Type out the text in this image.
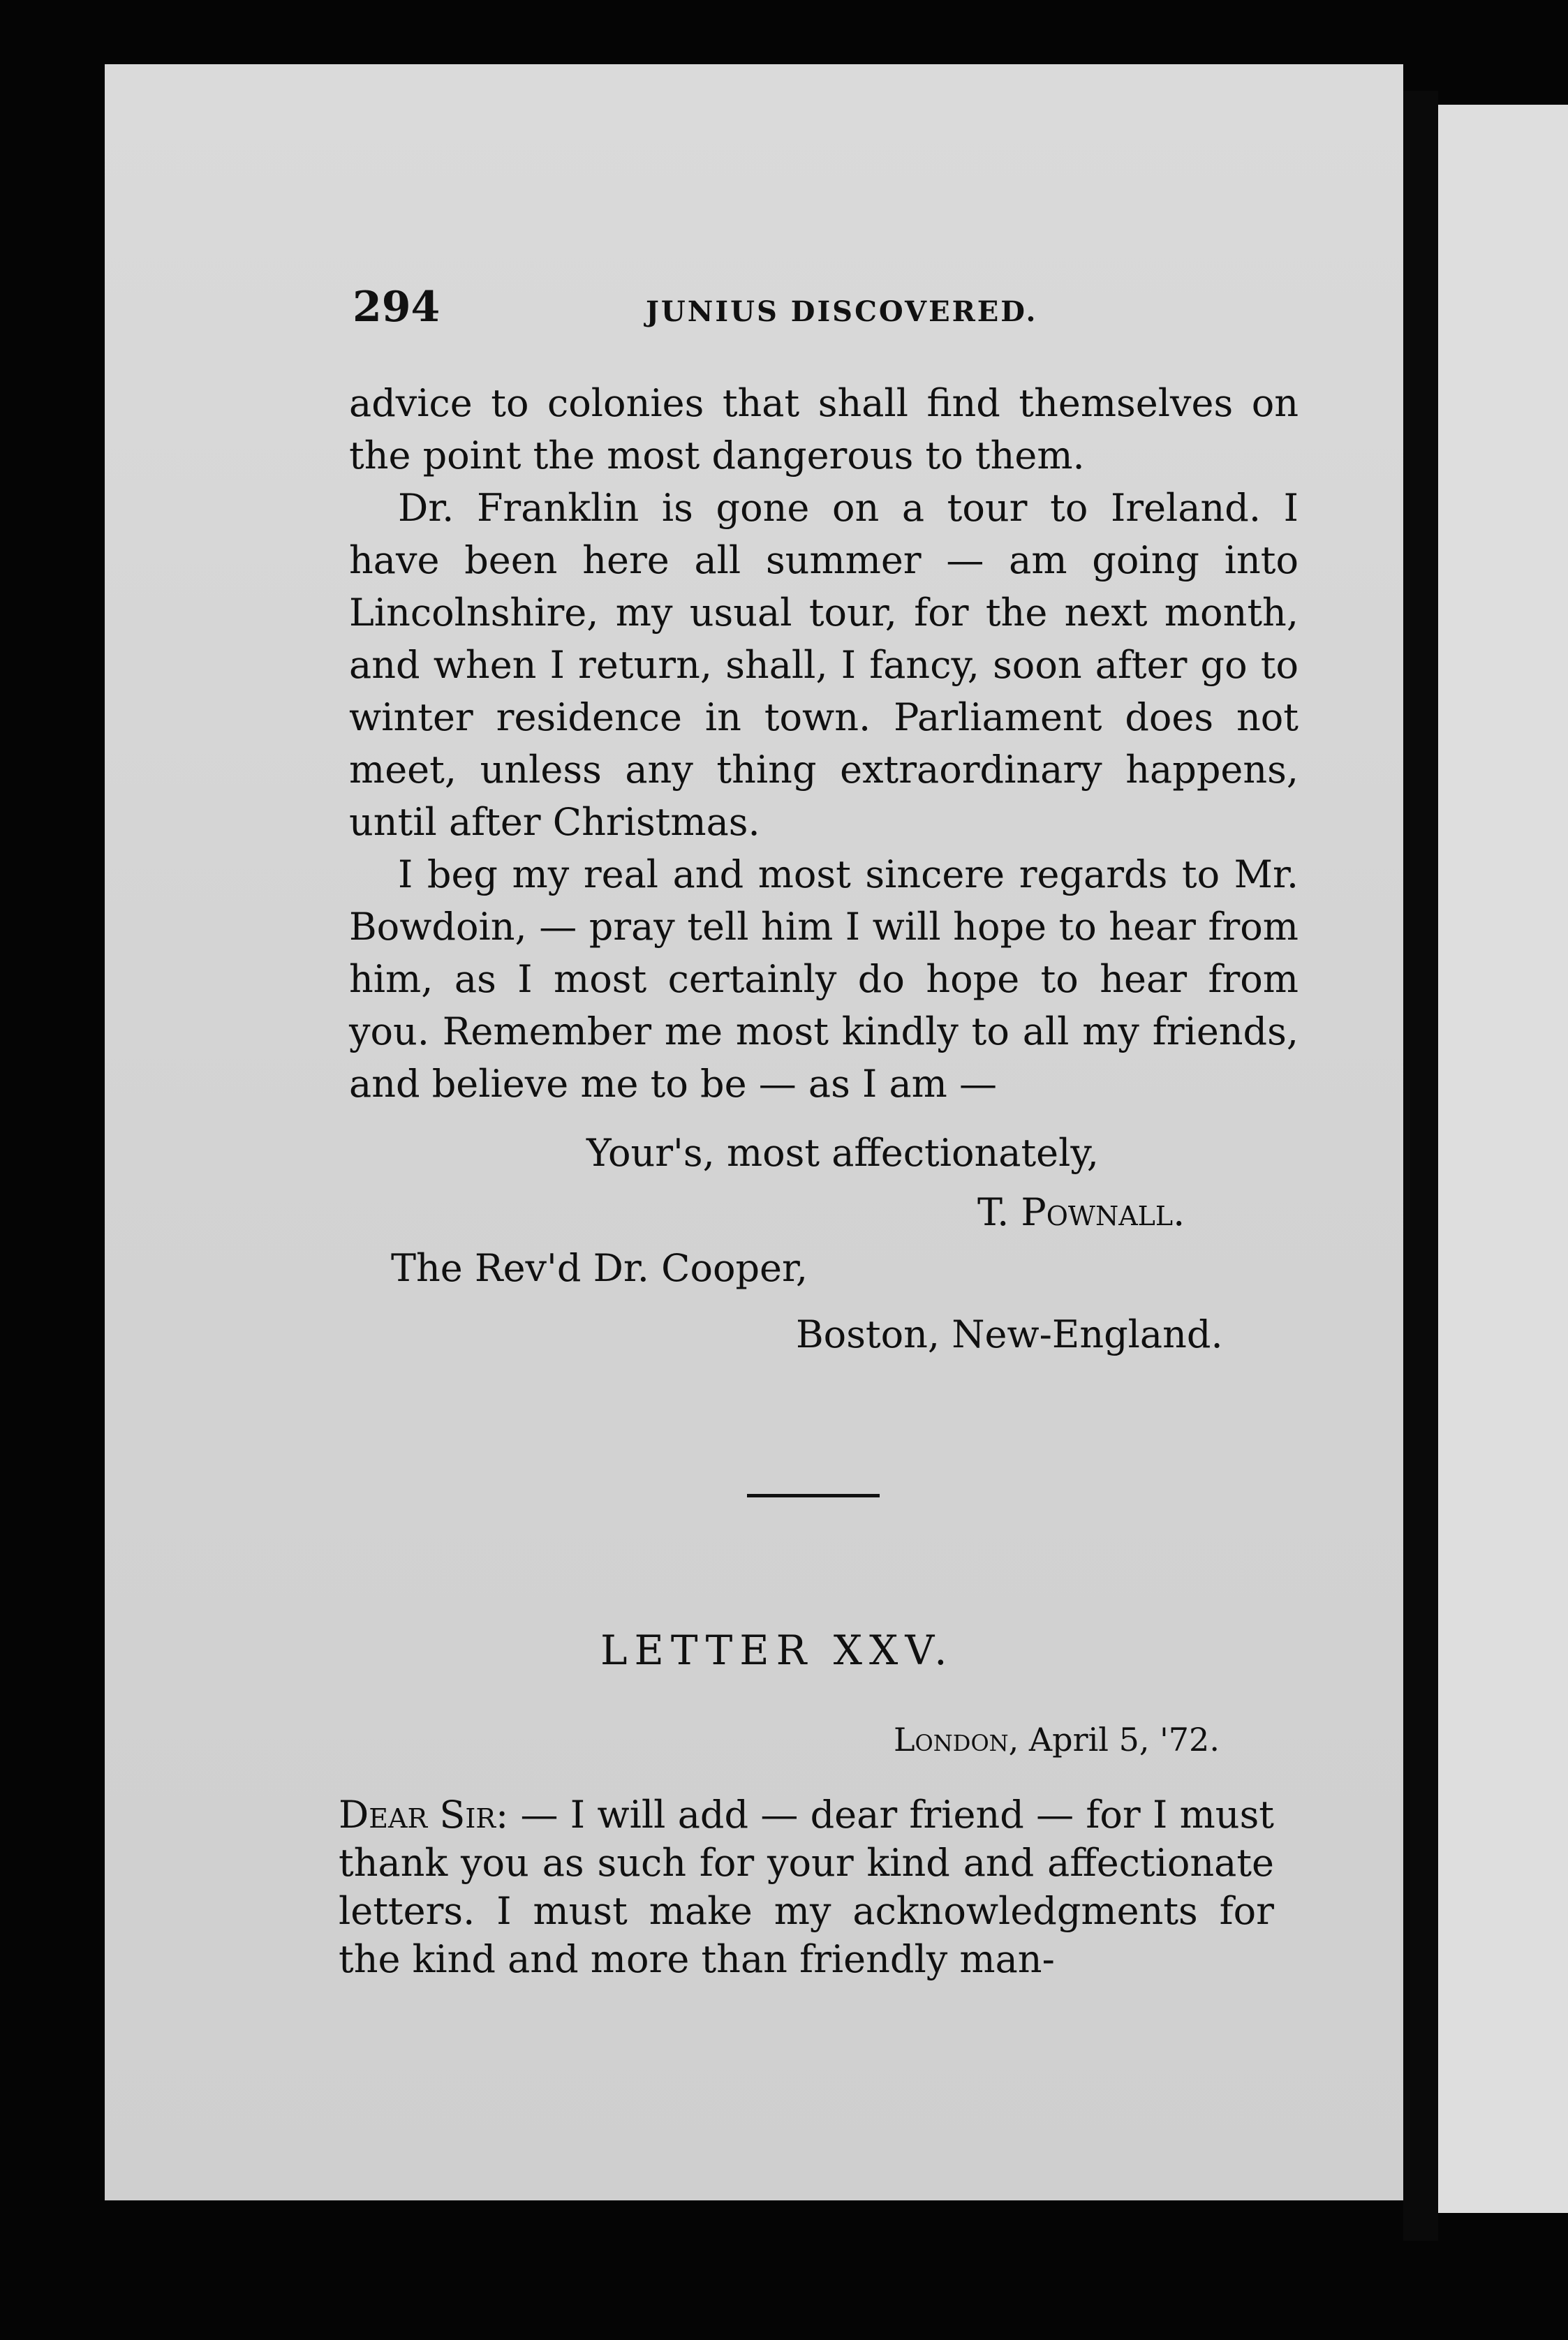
294	JUNIUS DISCOVERED.

advice to colonies that shall find themselves on the point the most dangerous to them.

Dr. Franklin is gone on a tour to Ireland. I have been here all summer — am going into Lincolnshire, my usual tour, for the next month, and when I return, shall, I fancy, soon after go to winter residence in town. Parliament does not meet, unless any thing extraordinary happens, until after Christmas.

I beg my real and most sincere regards to Mr. Bowdoin, — pray tell him I will hope to hear from him, as I most certainly do hope to hear from you. Remember me most kindly to all my friends, and believe me to be — as I am —

Your's, most affectionately,
T. Pownall.
The Rev'd Dr. Cooper,
Boston, New-England.
LETTER XXV.
London, April 5, '72.
Dear Sir: — I will add — dear friend — for I must thank you as such for your kind and affectionate letters. I must make my acknowledgments for the kind and more than friendly man-
